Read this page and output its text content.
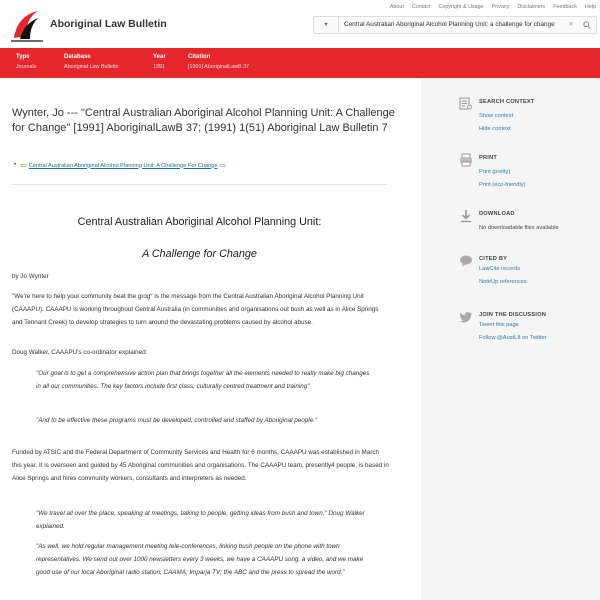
Aboriginal Law Bulletin
About Contact Copyright & Usage Privacy Disclaimers Feedback Help
▼	Central Australian Aboriginal Alcohol Planning Unit: a challenge for change	✕
Type
Journals
Database
Aboriginal Law Bulletin
Year
1991
Citation
[1991] AboriginalLawB 37
Wynter, Jo --- "Central Australian Aboriginal Alcohol Planning Unit: A Challenge for Change" [1991] AboriginalLawB 37; (1991) 1(51) Aboriginal Law Bulletin 7
• ⇦ Central Australian Aboriginal Alcohol Planning Unit: A Challenge For Change ⇨
Central Australian Aboriginal Alcohol Planning Unit:
A Challenge for Change
by Jo Wynter
"We're here to help your community beat the grog" is the message from the Central Australian Aboriginal Alcohol Planning Unit (CAAAPU). CAAAPU is working throughout Central Australia (in communities and organisations out bush as well as in Alice Springs and Tennant Creek) to develop strategies to turn around the devastating problems caused by alcohol abuse.
Doug Walker, CAAAPU's co-ordinator explained:
"Our goal is to get a comprehensive action plan that brings together all the elements needed to really make big changes in all our communities. The key factors include first class, culturally centred treatment and training"
"And to be effective these programs must be developed, controlled and staffed by Aboriginal people."
Funded by ATSIC and the Federal Department of Community Services and Health for 6 months, CAAAPU was established in March this year. It is overseen and guided by 45 Aboriginal communities and organisations. The CAAAPU team, presently4 people, is based in Alice Springs and hires community workers, consultants and interpreters as needed.
"We travel all over the place, speaking at meetings, talking to people, getting ideas from bush and town," Doug Walker explained.
"As well, we hold regular management meeting tele-conferences, linking bush people on the phone with town representatives. We send out over 1000 newsletters every 3 weeks, we have a CAAAPU song, a video, and we make good use of our local Aboriginal radio station, CAAMA; Imparja TV; the ABC and the press to spread the word."
SEARCH CONTEXT
Show context
Hide context
PRINT
Print (pretty)
Print (eco-friendly)
DOWNLOAD
No downloadable files available
CITED BY
LawCite records
NoteUp references
JOIN THE DISCUSSION
Tweet this page
Follow @AustLII on Twitter
